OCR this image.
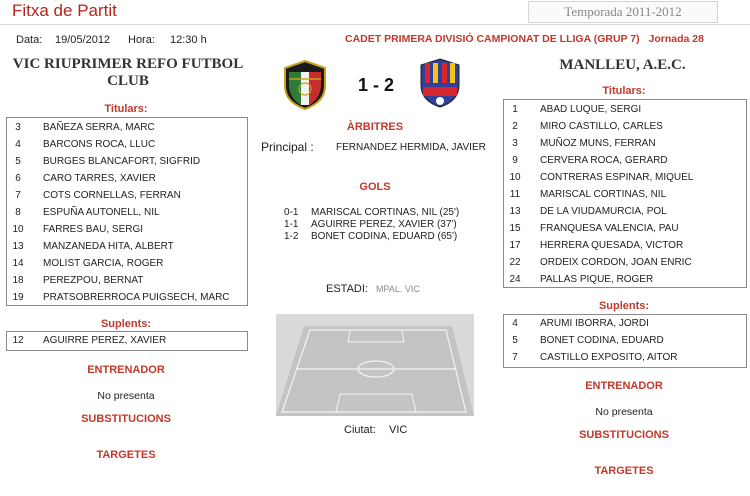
Fitxa de Partit	Temporada 2011-2012
Data: 19/05/2012 Hora: 12:30 h	CADET PRIMERA DIVISIÓ CAMPIONAT DE LLIGA (GRUP 7) Jornada 28
VIC RIUPRIMER REFO FUTBOL CLUB
MANLLEU, A.E.C.
1 - 2
Titulars:
3	BAÑEZA SERRA, MARC
4	BARCONS ROCA, LLUC
5	BURGES BLANCAFORT, SIGFRID
6	CARO TARRES, XAVIER
7	COTS CORNELLAS, FERRAN
8	ESPUÑA AUTONELL, NIL
10	FARRES BAU, SERGI
13	MANZANEDA HITA, ALBERT
14	MOLIST GARCIA, ROGER
18	PEREZPOU, BERNAT
19	PRATSOBRERROCA PUIGSECH, MARC
Suplents:
12	AGUIRRE PEREZ, XAVIER
ENTRENADOR
No presenta
SUBSTITUCIONS
TARGETES
ÀRBITRES
Principal : FERNANDEZ HERMIDA, JAVIER
GOLS
0-1 MARISCAL CORTINAS, NIL (25')
1-1 AGUIRRE PEREZ, XAVIER (37')
1-2 BONET CODINA, EDUARD (65')
ESTADI: MPAL. VIC
Ciutat: VIC
Titulars:
1	ABAD LUQUE, SERGI
2	MIRO CASTILLO, CARLES
3	MUÑOZ MUNS, FERRAN
9	CERVERA ROCA, GERARD
10	CONTRERAS ESPINAR, MIQUEL
11	MARISCAL CORTINAS, NIL
13	DE LA VIUDAMURCIA, POL
15	FRANQUESA VALENCIA, PAU
17	HERRERA QUESADA, VICTOR
22	ORDEIX CORDON, JOAN ENRIC
24	PALLAS PIQUE, ROGER
Suplents:
4	ARUMI IBORRA, JORDI
5	BONET CODINA, EDUARD
7	CASTILLO EXPOSITO, AITOR
ENTRENADOR
No presenta
SUBSTITUCIONS
TARGETES
